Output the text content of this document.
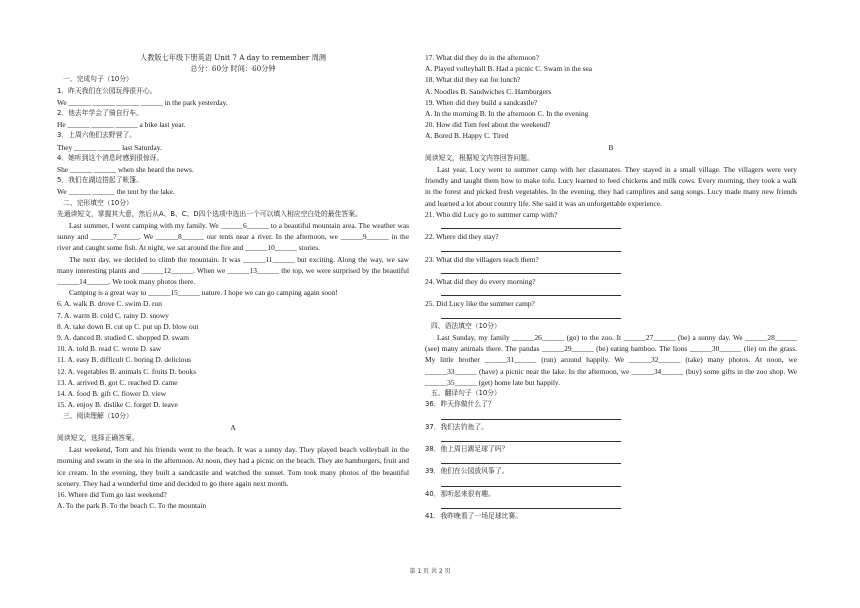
人教版七年级下册英语 Unit 7 A day to remember 周测
总分：60分 时间：60分钟
一、完成句子（10分）
1．昨天我们在公园玩得很开心。
We ______ ______ ______ ______ in the park yesterday.
2．他去年学会了骑自行车。
He ______ ______ ______ a bike last year.
3．上周六他们去野营了。
They ______ ______ last Saturday.
4．她听到这个消息时感到很惊讶。
She ______ ______ when she heard the news.
5．我们在湖边搭起了帐篷。
We ______ ______ the tent by the lake.
二、完形填空（10分）
先通读短文，掌握其大意，然后从A、B、C、D四个选项中选出一个可以填入相应空白处的最佳答案。
Last summer, I went camping with my family. We ______6______ to a beautiful mountain area. The weather was sunny and ______7______. We ______8______ our tents near a river. In the afternoon, we ______9______ in the river and caught some fish. At night, we sat around the fire and ______10______ stories.
The next day, we decided to climb the mountain. It was ______11______ but exciting. Along the way, we saw many interesting plants and ______12______. When we ______13______ the top, we were surprised by the beautiful ______14______. We took many photos there.
Camping is a great way to ______15______ nature. I hope we can go camping again soon!
6. A. walk B. drove C. swim D. run
7. A. warm B. cold C. rainy D. snowy
8. A. take down B. cut up C. put up D. blow out
9. A. danced B. studied C. shopped D. swam
10. A. told B. read C. wrote D. saw
11. A. easy B. difficult C. boring D. delicious
12. A. vegetables B. animals C. fruits D. books
13. A. arrived B. got C. reached D. came
14. A. food B. gift C. flower D. view
15. A. enjoy B. dislike C. forget D. leave
三、阅读理解（10分）
A
阅读短文，选择正确答案。
Last weekend, Tom and his friends went to the beach. It was a sunny day. They played beach volleyball in the morning and swam in the sea in the afternoon. At noon, they had a picnic on the beach. They ate hamburgers, fruit and ice cream. In the evening, they built a sandcastle and watched the sunset. Tom took many photos of the beautiful scenery. They had a wonderful time and decided to go there again next month.
16. Where did Tom go last weekend?
A. To the park B. To the beach C. To the mountain
17. What did they do in the afternoon?
A. Played volleyball B. Had a picnic C. Swam in the sea
18. What did they eat for lunch?
A. Noodles B. Sandwiches C. Hamburgers
19. When did they build a sandcastle?
A. In the morning B. In the afternoon C. In the evening
20. How did Tom feel about the weekend?
A. Bored B. Happy C. Tired
B
阅读短文，根据短文内容回答问题。
Last year, Lucy went to summer camp with her classmates. They stayed in a small village. The villagers were very friendly and taught them how to make tofu. Lucy learned to feed chickens and milk cows. Every morning, they took a walk in the forest and picked fresh vegetables. In the evening, they had campfires and sang songs. Lucy made many new friends and learned a lot about country life. She said it was an unforgettable experience.
21. Who did Lucy go to summer camp with?
22. Where did they stay?
23. What did the villagers teach them?
24. What did they do every morning?
25. Did Lucy like the summer camp?
四、语法填空（10分）
Last Sunday, my family ______26______ (go) to the zoo. It ______27______ (be) a sunny day. We ______28______ (see) many animals there. The pandas ______29______ (be) eating bamboo. The lions ______30______ (lie) on the grass. My little brother ______31______ (run) around happily. We ______32______ (take) many photos. At noon, we ______33______ (have) a picnic near the lake. In the afternoon, we ______34______ (buy) some gifts in the zoo shop. We ______35______ (get) home late but happily.
五、翻译句子（10分）
36．昨天你做什么了？
37．我们去钓鱼了。
38．他上周日踢足球了吗？
39．他们在公园放风筝了。
40．那听起来很有趣。
41．我昨晚看了一场足球比赛。
第 1 页 共 2 页
